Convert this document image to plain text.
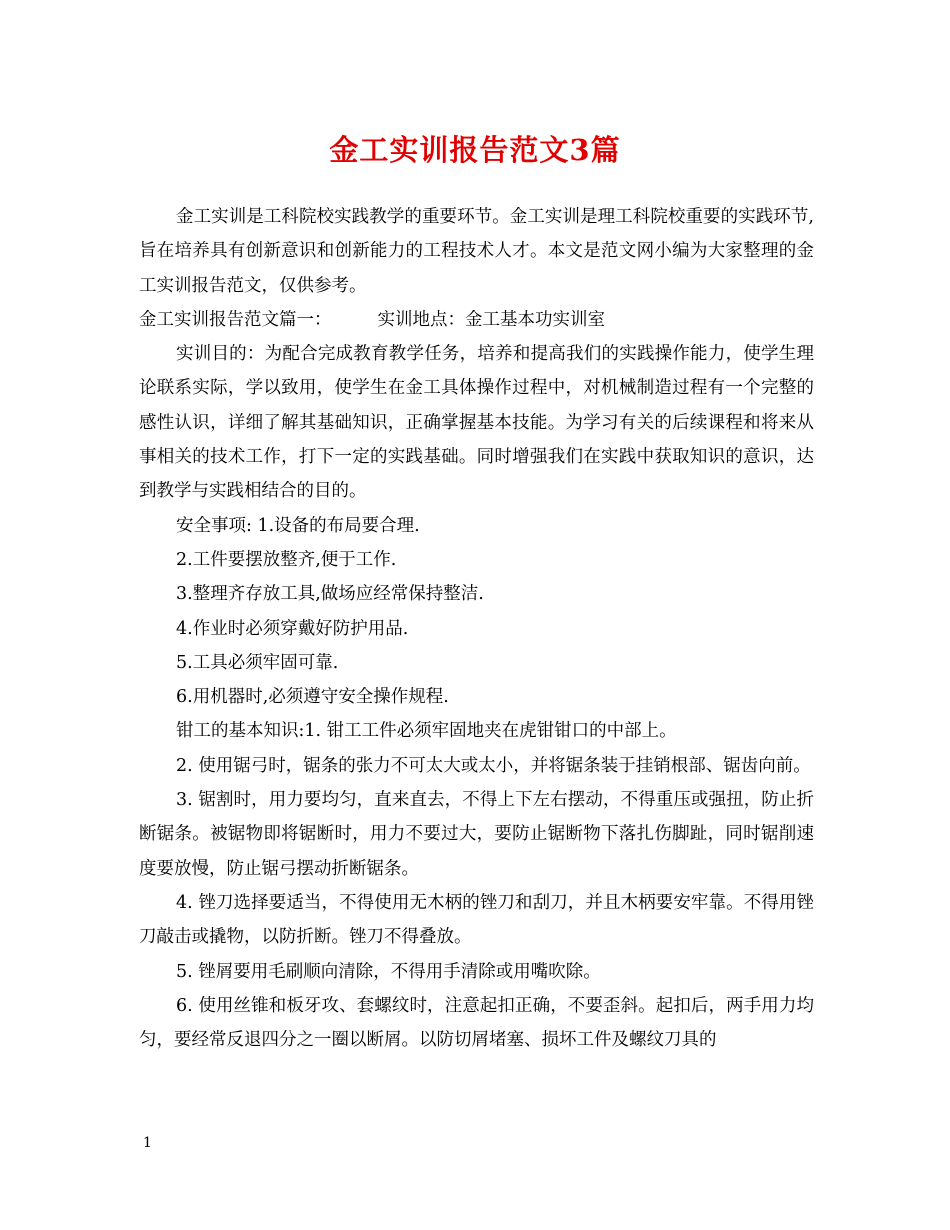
金工实训报告范文3篇

金工实训是工科院校实践教学的重要环节。金工实训是理工科院校重要的实践环节,旨在培养具有创新意识和创新能力的工程技术人才。本文是范文网小编为大家整理的金工实训报告范文，仅供参考。

金工实训报告范文篇一：	实训地点：金工基本功实训室

实训目的：为配合完成教育教学任务，培养和提高我们的实践操作能力，使学生理论联系实际，学以致用，使学生在金工具体操作过程中，对机械制造过程有一个完整的感性认识，详细了解其基础知识，正确掌握基本技能。为学习有关的后续课程和将来从事相关的技术工作，打下一定的实践基础。同时增强我们在实践中获取知识的意识，达到教学与实践相结合的目的。

安全事项: 1.设备的布局要合理.

2.工件要摆放整齐,便于工作.

3.整理齐存放工具,做场应经常保持整洁.

4.作业时必须穿戴好防护用品.

5.工具必须牢固可靠.

6.用机器时,必须遵守安全操作规程.

钳工的基本知识:1. 钳工工件必须牢固地夹在虎钳钳口的中部上。

2. 使用锯弓时，锯条的张力不可太大或太小，并将锯条装于挂销根部、锯齿向前。

3. 锯割时，用力要均匀，直来直去，不得上下左右摆动，不得重压或强扭，防止折断锯条。被锯物即将锯断时，用力不要过大，要防止锯断物下落扎伤脚趾，同时锯削速度要放慢，防止锯弓摆动折断锯条。

4. 锉刀选择要适当，不得使用无木柄的锉刀和刮刀，并且木柄要安牢靠。不得用锉刀敲击或撬物，以防折断。锉刀不得叠放。

5. 锉屑要用毛刷顺向清除，不得用手清除或用嘴吹除。

6. 使用丝锥和板牙攻、套螺纹时，注意起扣正确，不要歪斜。起扣后，两手用力均匀，要经常反退四分之一圈以断屑。以防切屑堵塞、损坏工件及螺纹刀具的

1
